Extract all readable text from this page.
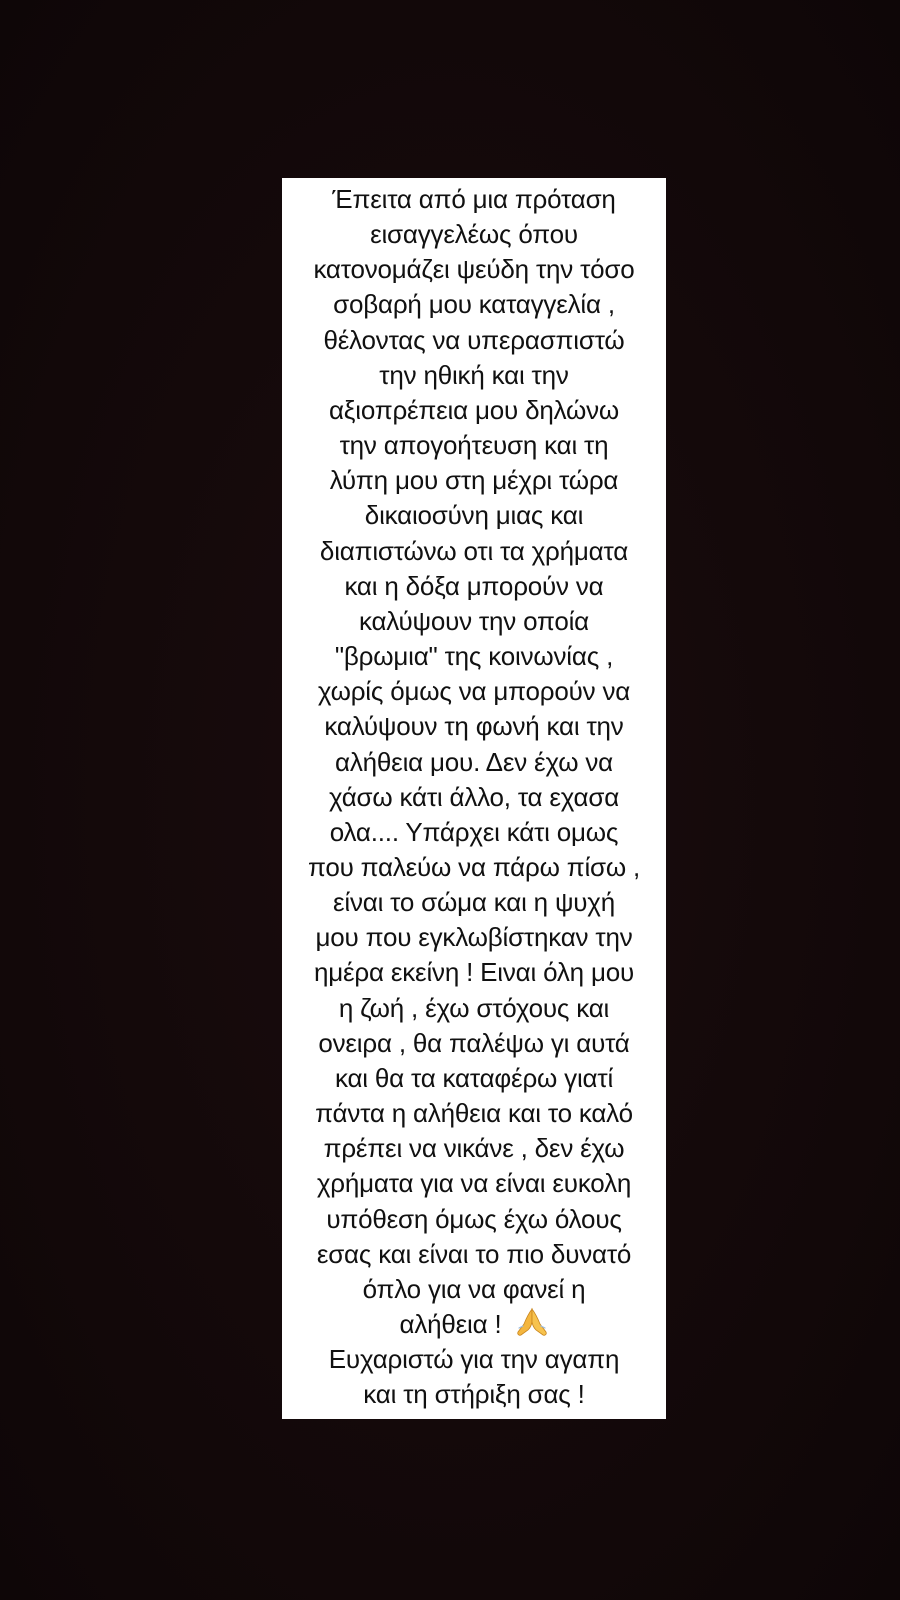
Έπειτα από μια πρόταση
εισαγγελέως όπου
κατονομάζει ψεύδη την τόσο
σοβαρή μου καταγγελία ,
θέλοντας να υπερασπιστώ
την ηθική και την
αξιοπρέπεια μου δηλώνω
την απογοήτευση και τη
λύπη μου στη μέχρι τώρα
δικαιοσύνη μιας και
διαπιστώνω οτι τα χρήματα
και η δόξα μπορούν να
καλύψουν την οποία
"βρωμια" της κοινωνίας ,
χωρίς όμως να μπορούν να
καλύψουν τη φωνή και την
αλήθεια μου. Δεν έχω να
χάσω κάτι άλλο, τα εχασα
ολα.... Υπάρχει κάτι ομως
που παλεύω να πάρω πίσω ,
είναι το σώμα και η ψυχή
μου που εγκλωβίστηκαν την
ημέρα εκείνη ! Ειναι όλη μου
η ζωή , έχω στόχους και
ονειρα , θα παλέψω γι αυτά
και θα τα καταφέρω γιατί
πάντα η αλήθεια και το καλό
πρέπει να νικάνε , δεν έχω
χρήματα για να είναι ευκολη
υπόθεση όμως έχω όλους
εσας και είναι το πιο δυνατό
όπλο για να φανεί η
αλήθεια !
Ευχαριστώ για την αγαπη
και τη στήριξη σας !
